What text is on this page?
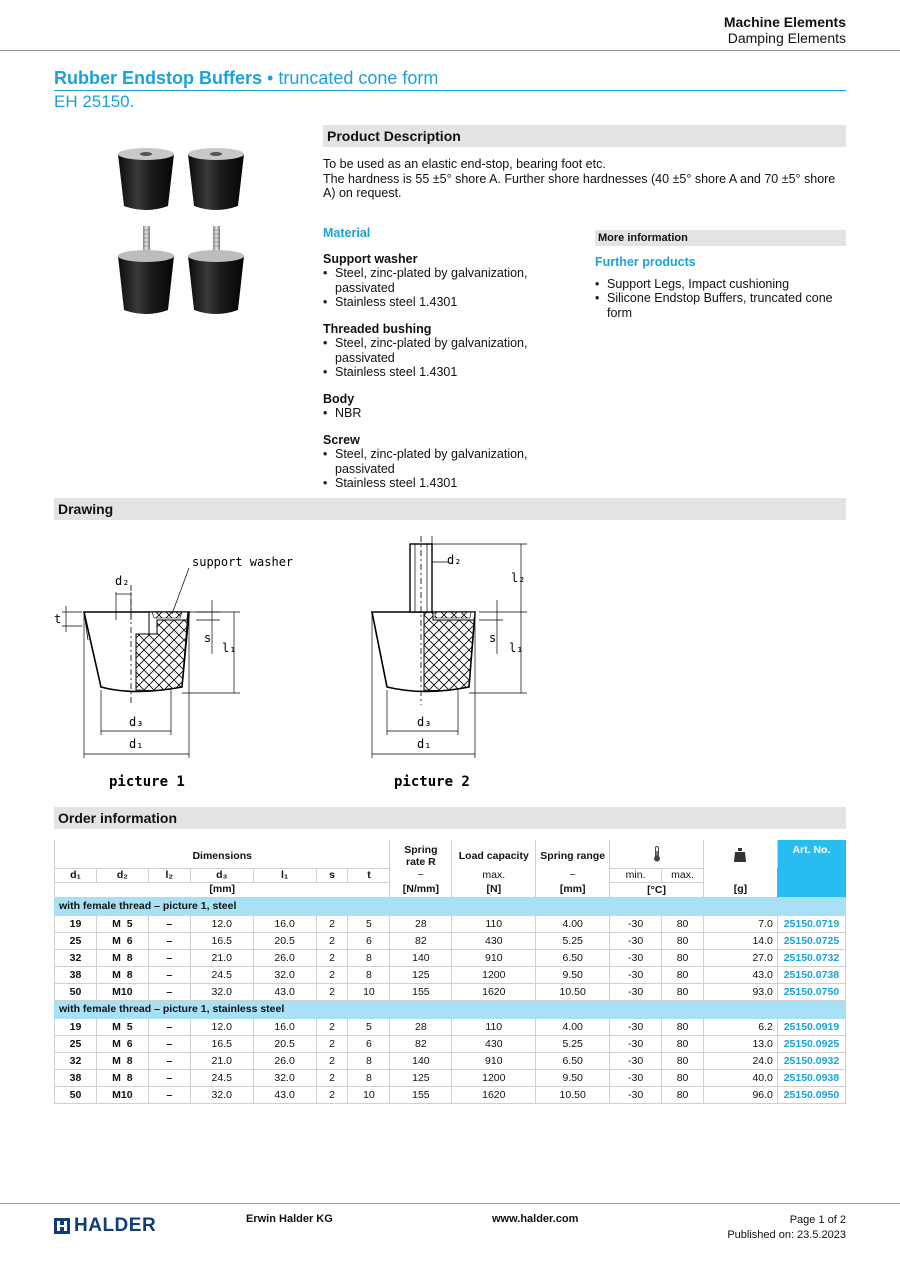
Machine Elements
Damping Elements
Rubber Endstop Buffers • truncated cone form
EH 25150.
Product Description
To be used as an elastic end-stop, bearing foot etc.
The hardness is 55 ±5° shore A. Further shore hardnesses (40 ±5° shore A and 70 ±5° shore A) on request.
Material
Support washer
• Steel, zinc-plated by galvanization, passivated
• Stainless steel 1.4301
Threaded bushing
• Steel, zinc-plated by galvanization, passivated
• Stainless steel 1.4301
Body
• NBR
Screw
• Steel, zinc-plated by galvanization, passivated
• Stainless steel 1.4301
More information
Further products
• Support Legs, Impact cushioning
• Silicone Endstop Buffers, truncated cone form
Drawing
support washer
d₂
t
s
l₁
d₃
d₁
picture 1
d₂
l₂
s
l₁
d₃
d₁
picture 2
Order information
Dimensions							Spring rate R	Load capacity	Spring range				Art. No.
d₁	d₂	l₂	d₃	l₁	s	t	~	max.	~	min.	max.		
[mm]							[N/mm]	[N]	[mm]	[°C]		[g]	
with female thread – picture 1, steel													
19	M  5	–	12.0	16.0	2	5	28	110	4.00	-30	80	7.0	25150.0719
25	M  6	–	16.5	20.5	2	6	82	430	5.25	-30	80	14.0	25150.0725
32	M  8	–	21.0	26.0	2	8	140	910	6.50	-30	80	27.0	25150.0732
38	M  8	–	24.5	32.0	2	8	125	1200	9.50	-30	80	43.0	25150.0738
50	M10	–	32.0	43.0	2	10	155	1620	10.50	-30	80	93.0	25150.0750
with female thread – picture 1, stainless steel													
19	M  5	–	12.0	16.0	2	5	28	110	4.00	-30	80	6.2	25150.0919
25	M  6	–	16.5	20.5	2	6	82	430	5.25	-30	80	13.0	25150.0925
32	M  8	–	21.0	26.0	2	8	140	910	6.50	-30	80	24.0	25150.0932
38	M  8	–	24.5	32.0	2	8	125	1200	9.50	-30	80	40.0	25150.0938
50	M10	–	32.0	43.0	2	10	155	1620	10.50	-30	80	96.0	25150.0950
HALDER	Erwin Halder KG	www.halder.com	Page 1 of 2
Published on: 23.5.2023
